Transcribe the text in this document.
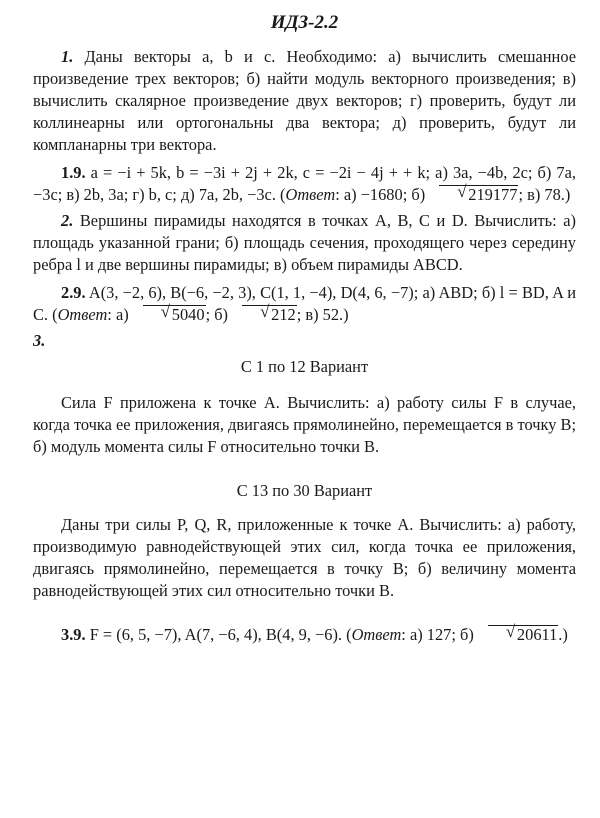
ИДЗ-2.2

1. Даны векторы a, b и c. Необходимо: а) вычислить смешанное произведение трех векторов; б) найти модуль векторного произведения; в) вычислить скалярное произведение двух векторов; г) проверить, будут ли коллинеарны или ортогональны два вектора; д) проверить, будут ли компланарны три вектора.

1.9. a = −i + 5k, b = −3i + 2j + 2k, c = −2i − 4j + + k; а) 3a, −4b, 2c; б) 7a, −3c; в) 2b, 3a; г) b, c; д) 7a, 2b, −3c. (Ответ: а) −1680; б)	√ 219177; в) 78.)

2. Вершины пирамиды находятся в точках A, B, C и D. Вычислить: а) площадь указанной грани; б) площадь сечения, проходящего через середину ребра l и две вершины пирамиды; в) объем пирамиды ABCD.

2.9. A(3, −2, 6), B(−6, −2, 3), C(1, 1, −4), D(4, 6, −7); а) ABD; б) l = BD, A и C. (Ответ: а)	√ 5040; б)	√ 212; в) 52.)

3.

С 1 по 12 Вариант

Сила F приложена к точке A. Вычислить: а) работу силы F в случае, когда точка ее приложения, двигаясь прямолинейно, перемещается в точку B; б) модуль момента силы F относительно точки B.

С 13 по 30 Вариант

Даны три силы P, Q, R, приложенные к точке A. Вычислить: а) работу, производимую равнодействующей этих сил, когда точка ее приложения, двигаясь прямолинейно, перемещается в точку B; б) величину момента равнодействующей этих сил относительно точки B.

3.9. F = (6, 5, −7), A(7, −6, 4), B(4, 9, −6). (Ответ: а) 127; б)	√ 20611.)
